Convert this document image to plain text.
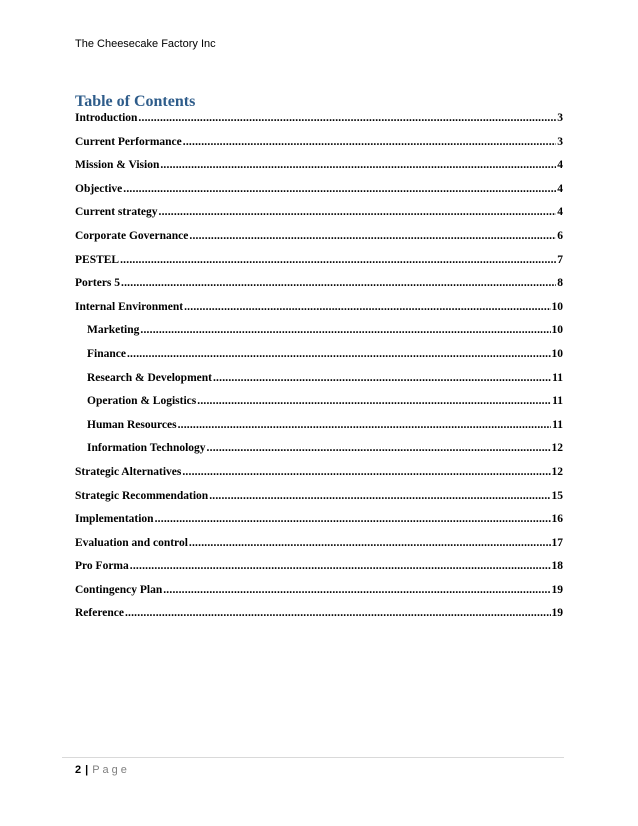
The Cheesecake Factory Inc
Table of Contents
Introduction .....	3
Current Performance .....	3
Mission & Vision .....	4
Objective .....	4
Current strategy .....	4
Corporate Governance .....	6
PESTEL .....	7
Porters 5 .....	8
Internal Environment .....	10
Marketing .....	10
Finance .....	10
Research & Development .....	11
Operation & Logistics .....	11
Human Resources .....	11
Information Technology .....	12
Strategic Alternatives .....	12
Strategic Recommendation .....	15
Implementation .....	16
Evaluation and control .....	17
Pro Forma .....	18
Contingency Plan .....	19
Reference .....	19
2 | Page
